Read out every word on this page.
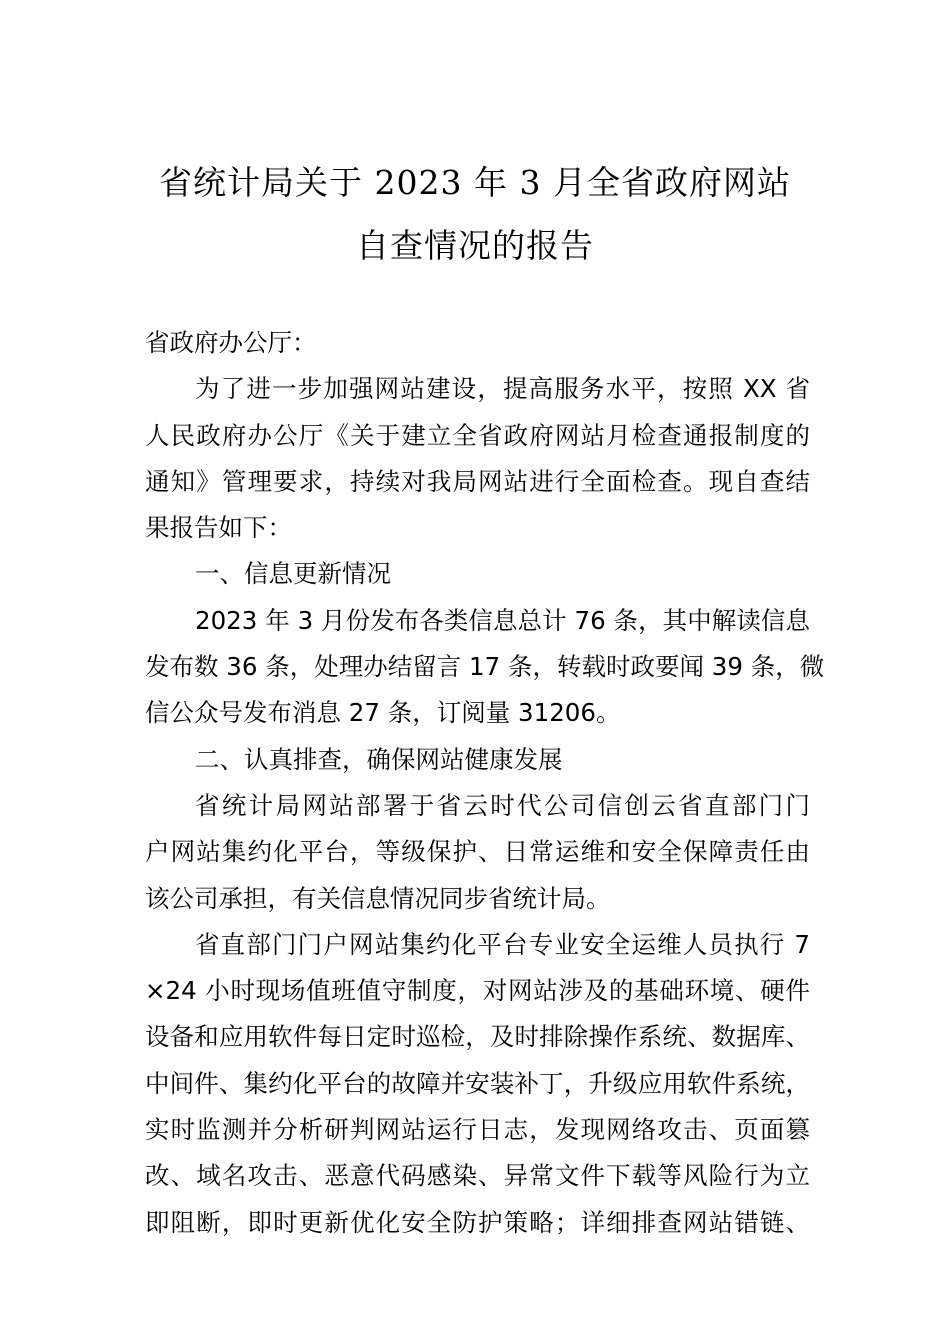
省统计局关于 2023 年 3 月全省政府网站
自查情况的报告

省政府办公厅：

为了进一步加强网站建设，提高服务水平，按照 XX 省
人民政府办公厅《关于建立全省政府网站月检查通报制度的
通知》管理要求，持续对我局网站进行全面检查。现自查结
果报告如下：

一、信息更新情况

2023 年 3 月份发布各类信息总计 76 条，其中解读信息
发布数 36 条，处理办结留言 17 条，转载时政要闻 39 条，微
信公众号发布消息 27 条，订阅量 31206。

二、认真排查，确保网站健康发展

省统计局网站部署于省云时代公司信创云省直部门门
户网站集约化平台，等级保护、日常运维和安全保障责任由
该公司承担，有关信息情况同步省统计局。

省直部门门户网站集约化平台专业安全运维人员执行 7
×24 小时现场值班值守制度，对网站涉及的基础环境、硬件
设备和应用软件每日定时巡检，及时排除操作系统、数据库、
中间件、集约化平台的故障并安装补丁，升级应用软件系统，
实时监测并分析研判网站运行日志，发现网络攻击、页面篡
改、域名攻击、恶意代码感染、异常文件下载等风险行为立
即阻断，即时更新优化安全防护策略；详细排查网站错链、
